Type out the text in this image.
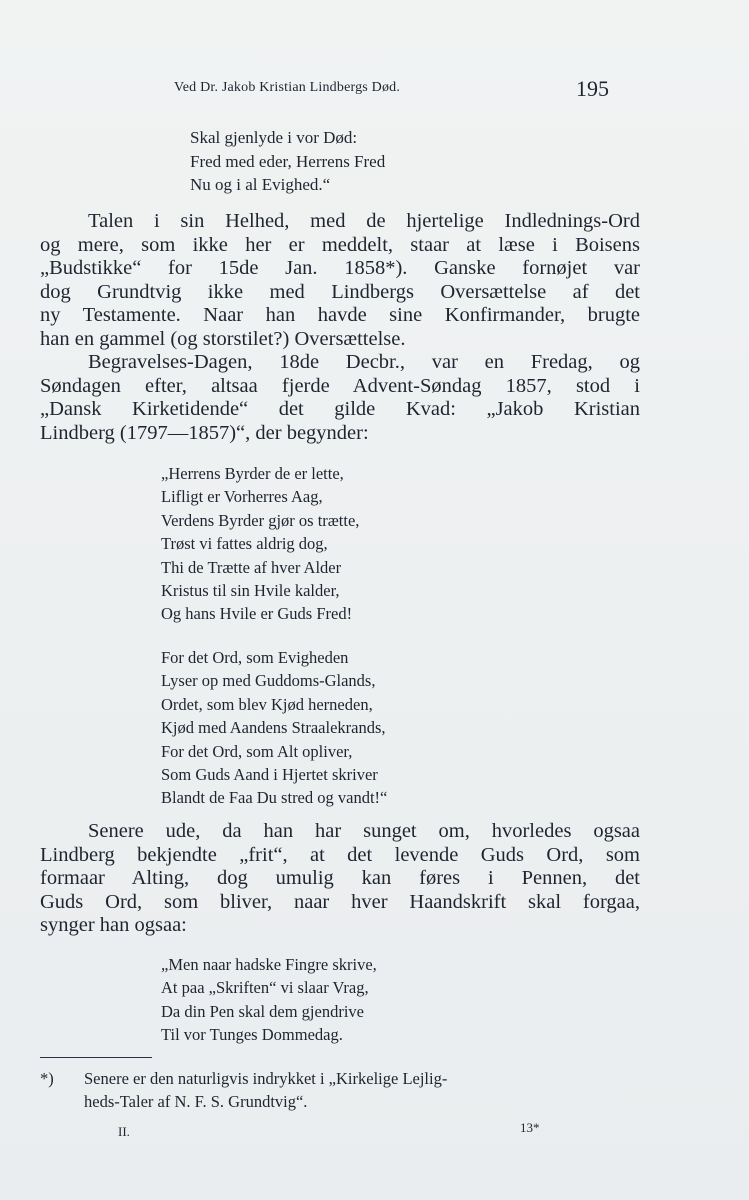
Ved Dr. Jakob Kristian Lindbergs Død.	195
Skal gjenlyde i vor Død:
Fred med eder, Herrens Fred
Nu og i al Evighed.“
Talen i sin Helhed, med de hjertelige Indlednings-Ord
og mere, som ikke her er meddelt, staar at læse i Boisens
„Budstikke“ for 15de Jan. 1858*). Ganske fornøjet var
dog Grundtvig ikke med Lindbergs Oversættelse af det
ny Testamente. Naar han havde sine Konfirmander, brugte
han en gammel (og storstilet?) Oversættelse.
Begravelses-Dagen, 18de Decbr., var en Fredag, og
Søndagen efter, altsaa fjerde Advent-Søndag 1857, stod i
„Dansk Kirketidende“ det gilde Kvad: „Jakob Kristian
Lindberg (1797—1857)“, der begynder:
„Herrens Byrder de er lette,
Lifligt er Vorherres Aag,
Verdens Byrder gjør os trætte,
Trøst vi fattes aldrig dog,
Thi de Trætte af hver Alder
Kristus til sin Hvile kalder,
Og hans Hvile er Guds Fred!
For det Ord, som Evigheden
Lyser op med Guddoms-Glands,
Ordet, som blev Kjød herneden,
Kjød med Aandens Straalekrands,
For det Ord, som Alt opliver,
Som Guds Aand i Hjertet skriver
Blandt de Faa Du stred og vandt!“
Senere ude, da han har sunget om, hvorledes ogsaa
Lindberg bekjendte „frit“, at det levende Guds Ord, som
formaar Alting, dog umulig kan føres i Pennen, det
Guds Ord, som bliver, naar hver Haandskrift skal forgaa,
synger han ogsaa:
„Men naar hadske Fingre skrive,
At paa „Skriften“ vi slaar Vrag,
Da din Pen skal dem gjendrive
Til vor Tunges Dommedag.
*) Senere er den naturligvis indrykket i „Kirkelige Lejlig-
heds-Taler af N. F. S. Grundtvig“.
II.	13*
